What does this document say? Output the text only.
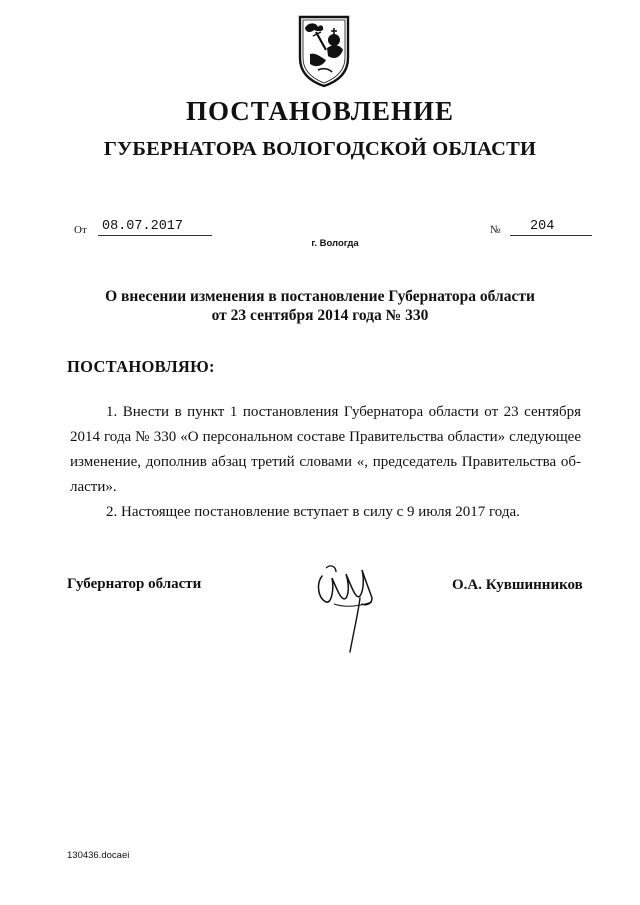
ПОСТАНОВЛЕНИЕ
ГУБЕРНАТОРА ВОЛОГОДСКОЙ ОБЛАСТИ
От 08.07.2017	№	204
г. Вологда
О внесении изменения в постановление Губернатора области
от 23 сентября 2014 года № 330
ПОСТАНОВЛЯЮ:

1. Внести в пункт 1 постановления Губернатора области от 23 сентября 2014 года № 330 «О персональном составе Правительства области» следующее изменение, дополнив абзац третий словами «, председатель Правительства области».

2. Настоящее постановление вступает в силу с 9 июля 2017 года.

Губернатор области	О.А. Кувшинников
130436.docaei
